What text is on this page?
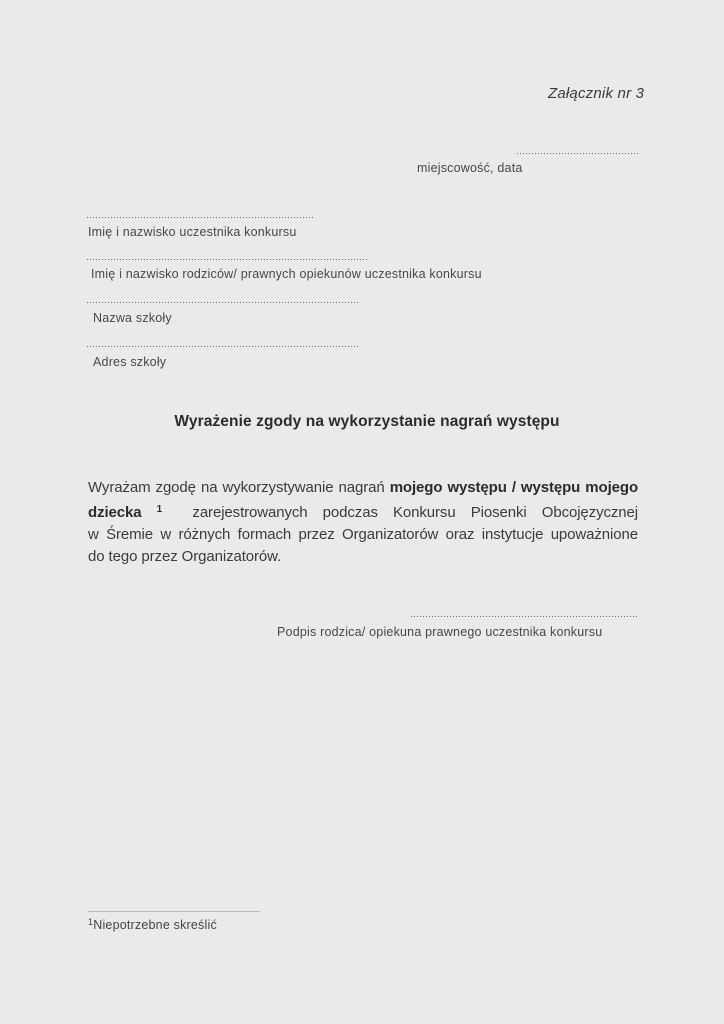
Załącznik nr 3
miejscowość, data
Imię i nazwisko uczestnika konkursu
Imię i nazwisko rodziców/ prawnych opiekunów uczestnika konkursu
Nazwa szkoły
Adres szkoły
Wyrażenie zgody na wykorzystanie nagrań występu
Wyrażam zgodę na wykorzystywanie nagrań mojego występu / występu mojego
dziecka $^1$  zarejestrowanych podczas Konkursu Piosenki Obcojęzycznej
w Śremie w różnych formach przez Organizatorów oraz instytucje upoważnione
do tego przez Organizatorów.
Podpis rodzica/ opiekuna prawnego uczestnika konkursu
$^1$Niepotrzebne skreślić
